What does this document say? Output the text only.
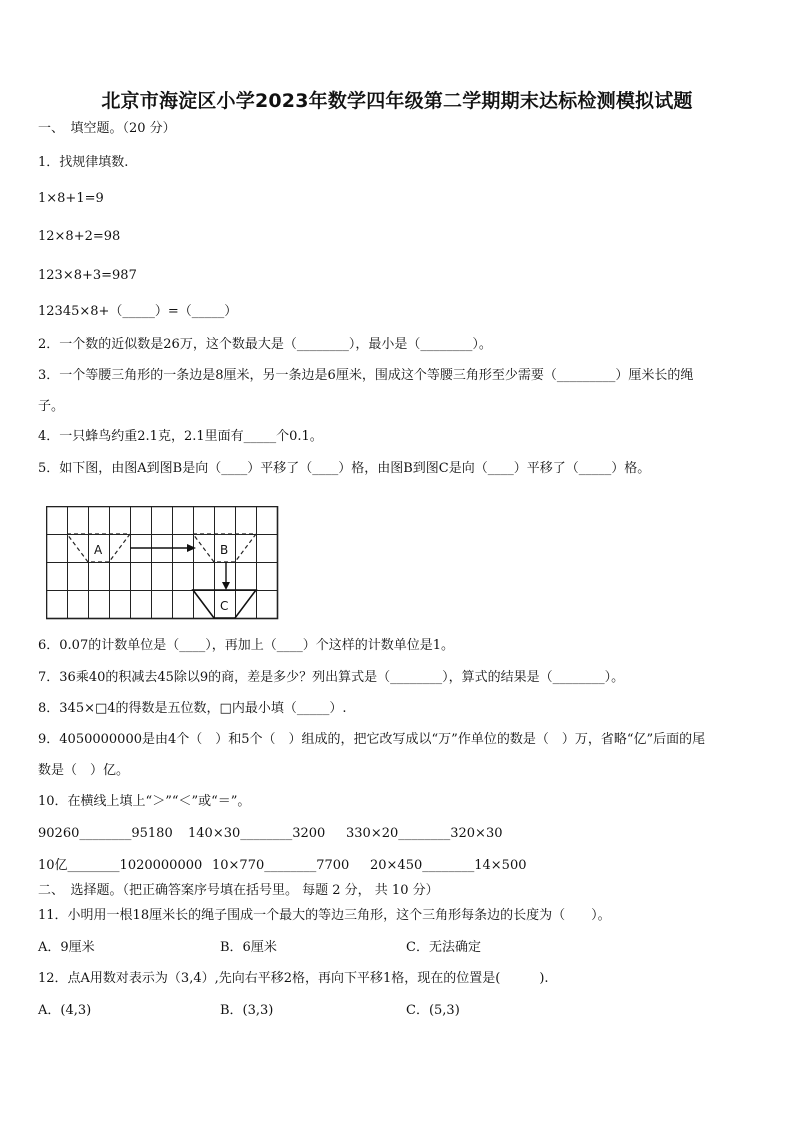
北京市海淀区小学2023年数学四年级第二学期期末达标检测模拟试题
一、　填空题。（20 分）
1．找规律填数.
1×8+1=9
12×8+2=98
123×8+3=987
12345×8+（_____）=（_____）
2．一个数的近似数是26万，这个数最大是（________），最小是（________）。
3．一个等腰三角形的一条边是8厘米，另一条边是6厘米，围成这个等腰三角形至少需要（_________）厘米长的绳
子。
4．一只蜂鸟约重2.1克，2.1里面有_____个0.1。
5．如下图，由图A到图B是向（____）平移了（____）格，由图B到图C是向（____）平移了（_____）格。
A	B
C
6．0.07的计数单位是（____），再加上（____）个这样的计数单位是1。
7．36乘40的积减去45除以9的商，差是多少？列出算式是（________），算式的结果是（________）。
8．345×□4的得数是五位数，□内最小填（_____）.
9．4050000000是由4个（　）和5个（　）组成的，把它改写成以“万”作单位的数是（　）万，省略“亿”后面的尾
数是（　）亿。
10．在横线上填上“＞”“＜”或“＝”。
90260________95180 140×30________3200 330×20________320×30
10亿________1020000000 10×770________7700 20×450________14×500
二、　选择题。（把正确答案序号填在括号里。 每题 2 分， 共 10 分）
11．小明用一根18厘米长的绳子围成一个最大的等边三角形，这个三角形每条边的长度为（　　）。
A．9厘米	B．6厘米	C．无法确定
12．点A用数对表示为（3,4）,先向右平移2格，再向下平移1格，现在的位置是(　　　).
A．(4,3)	B．(3,3)	C．(5,3)
